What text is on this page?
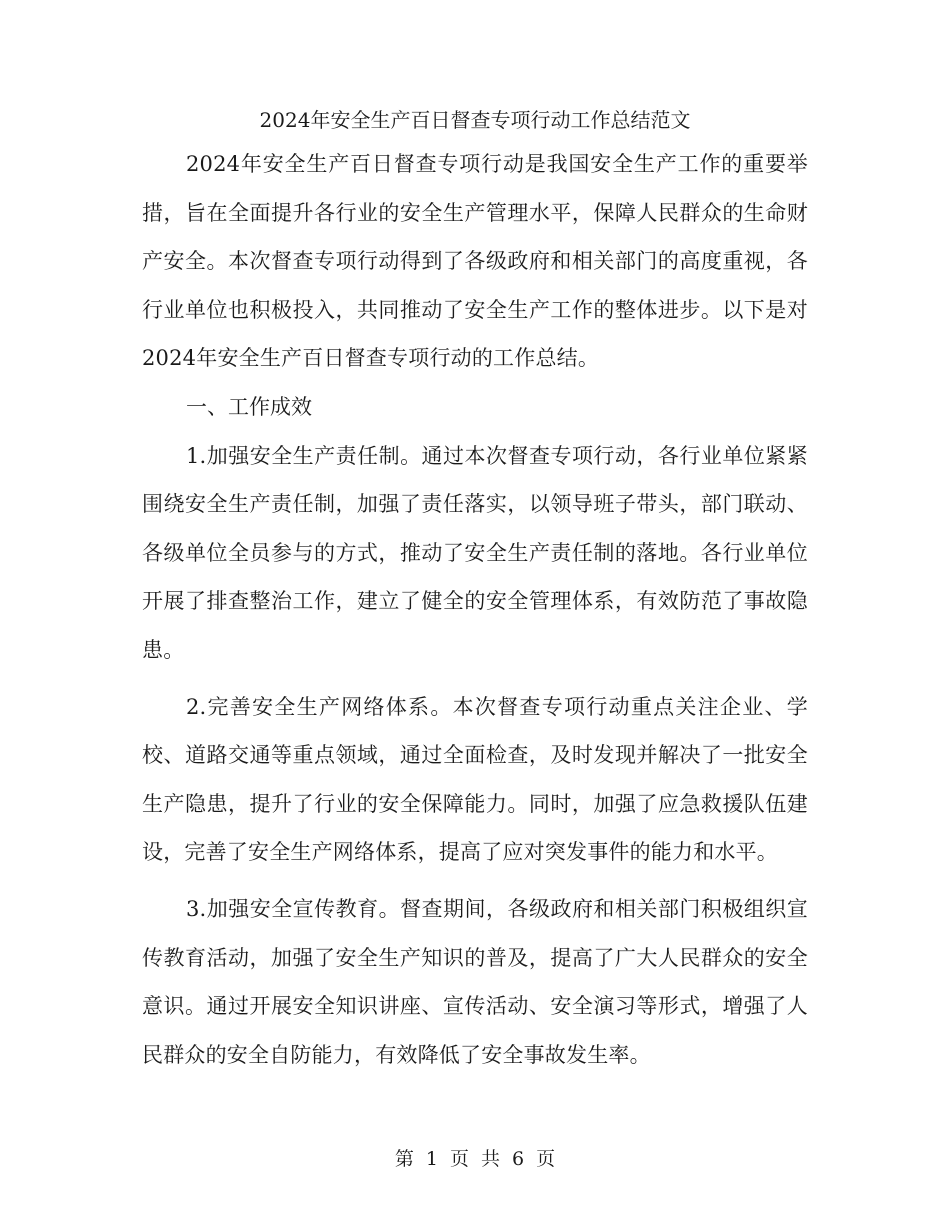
2024年安全生产百日督查专项行动工作总结范文

2024年安全生产百日督查专项行动是我国安全生产工作的重要举措，旨在全面提升各行业的安全生产管理水平，保障人民群众的生命财产安全。本次督查专项行动得到了各级政府和相关部门的高度重视，各行业单位也积极投入，共同推动了安全生产工作的整体进步。以下是对2024年安全生产百日督查专项行动的工作总结。

一、工作成效

1.加强安全生产责任制。通过本次督查专项行动，各行业单位紧紧围绕安全生产责任制，加强了责任落实，以领导班子带头，部门联动、各级单位全员参与的方式，推动了安全生产责任制的落地。各行业单位开展了排查整治工作，建立了健全的安全管理体系，有效防范了事故隐患。

2.完善安全生产网络体系。本次督查专项行动重点关注企业、学校、道路交通等重点领域，通过全面检查，及时发现并解决了一批安全生产隐患，提升了行业的安全保障能力。同时，加强了应急救援队伍建设，完善了安全生产网络体系，提高了应对突发事件的能力和水平。

3.加强安全宣传教育。督查期间，各级政府和相关部门积极组织宣传教育活动，加强了安全生产知识的普及，提高了广大人民群众的安全意识。通过开展安全知识讲座、宣传活动、安全演习等形式，增强了人民群众的安全自防能力，有效降低了安全事故发生率。

第 1 页 共 6 页
